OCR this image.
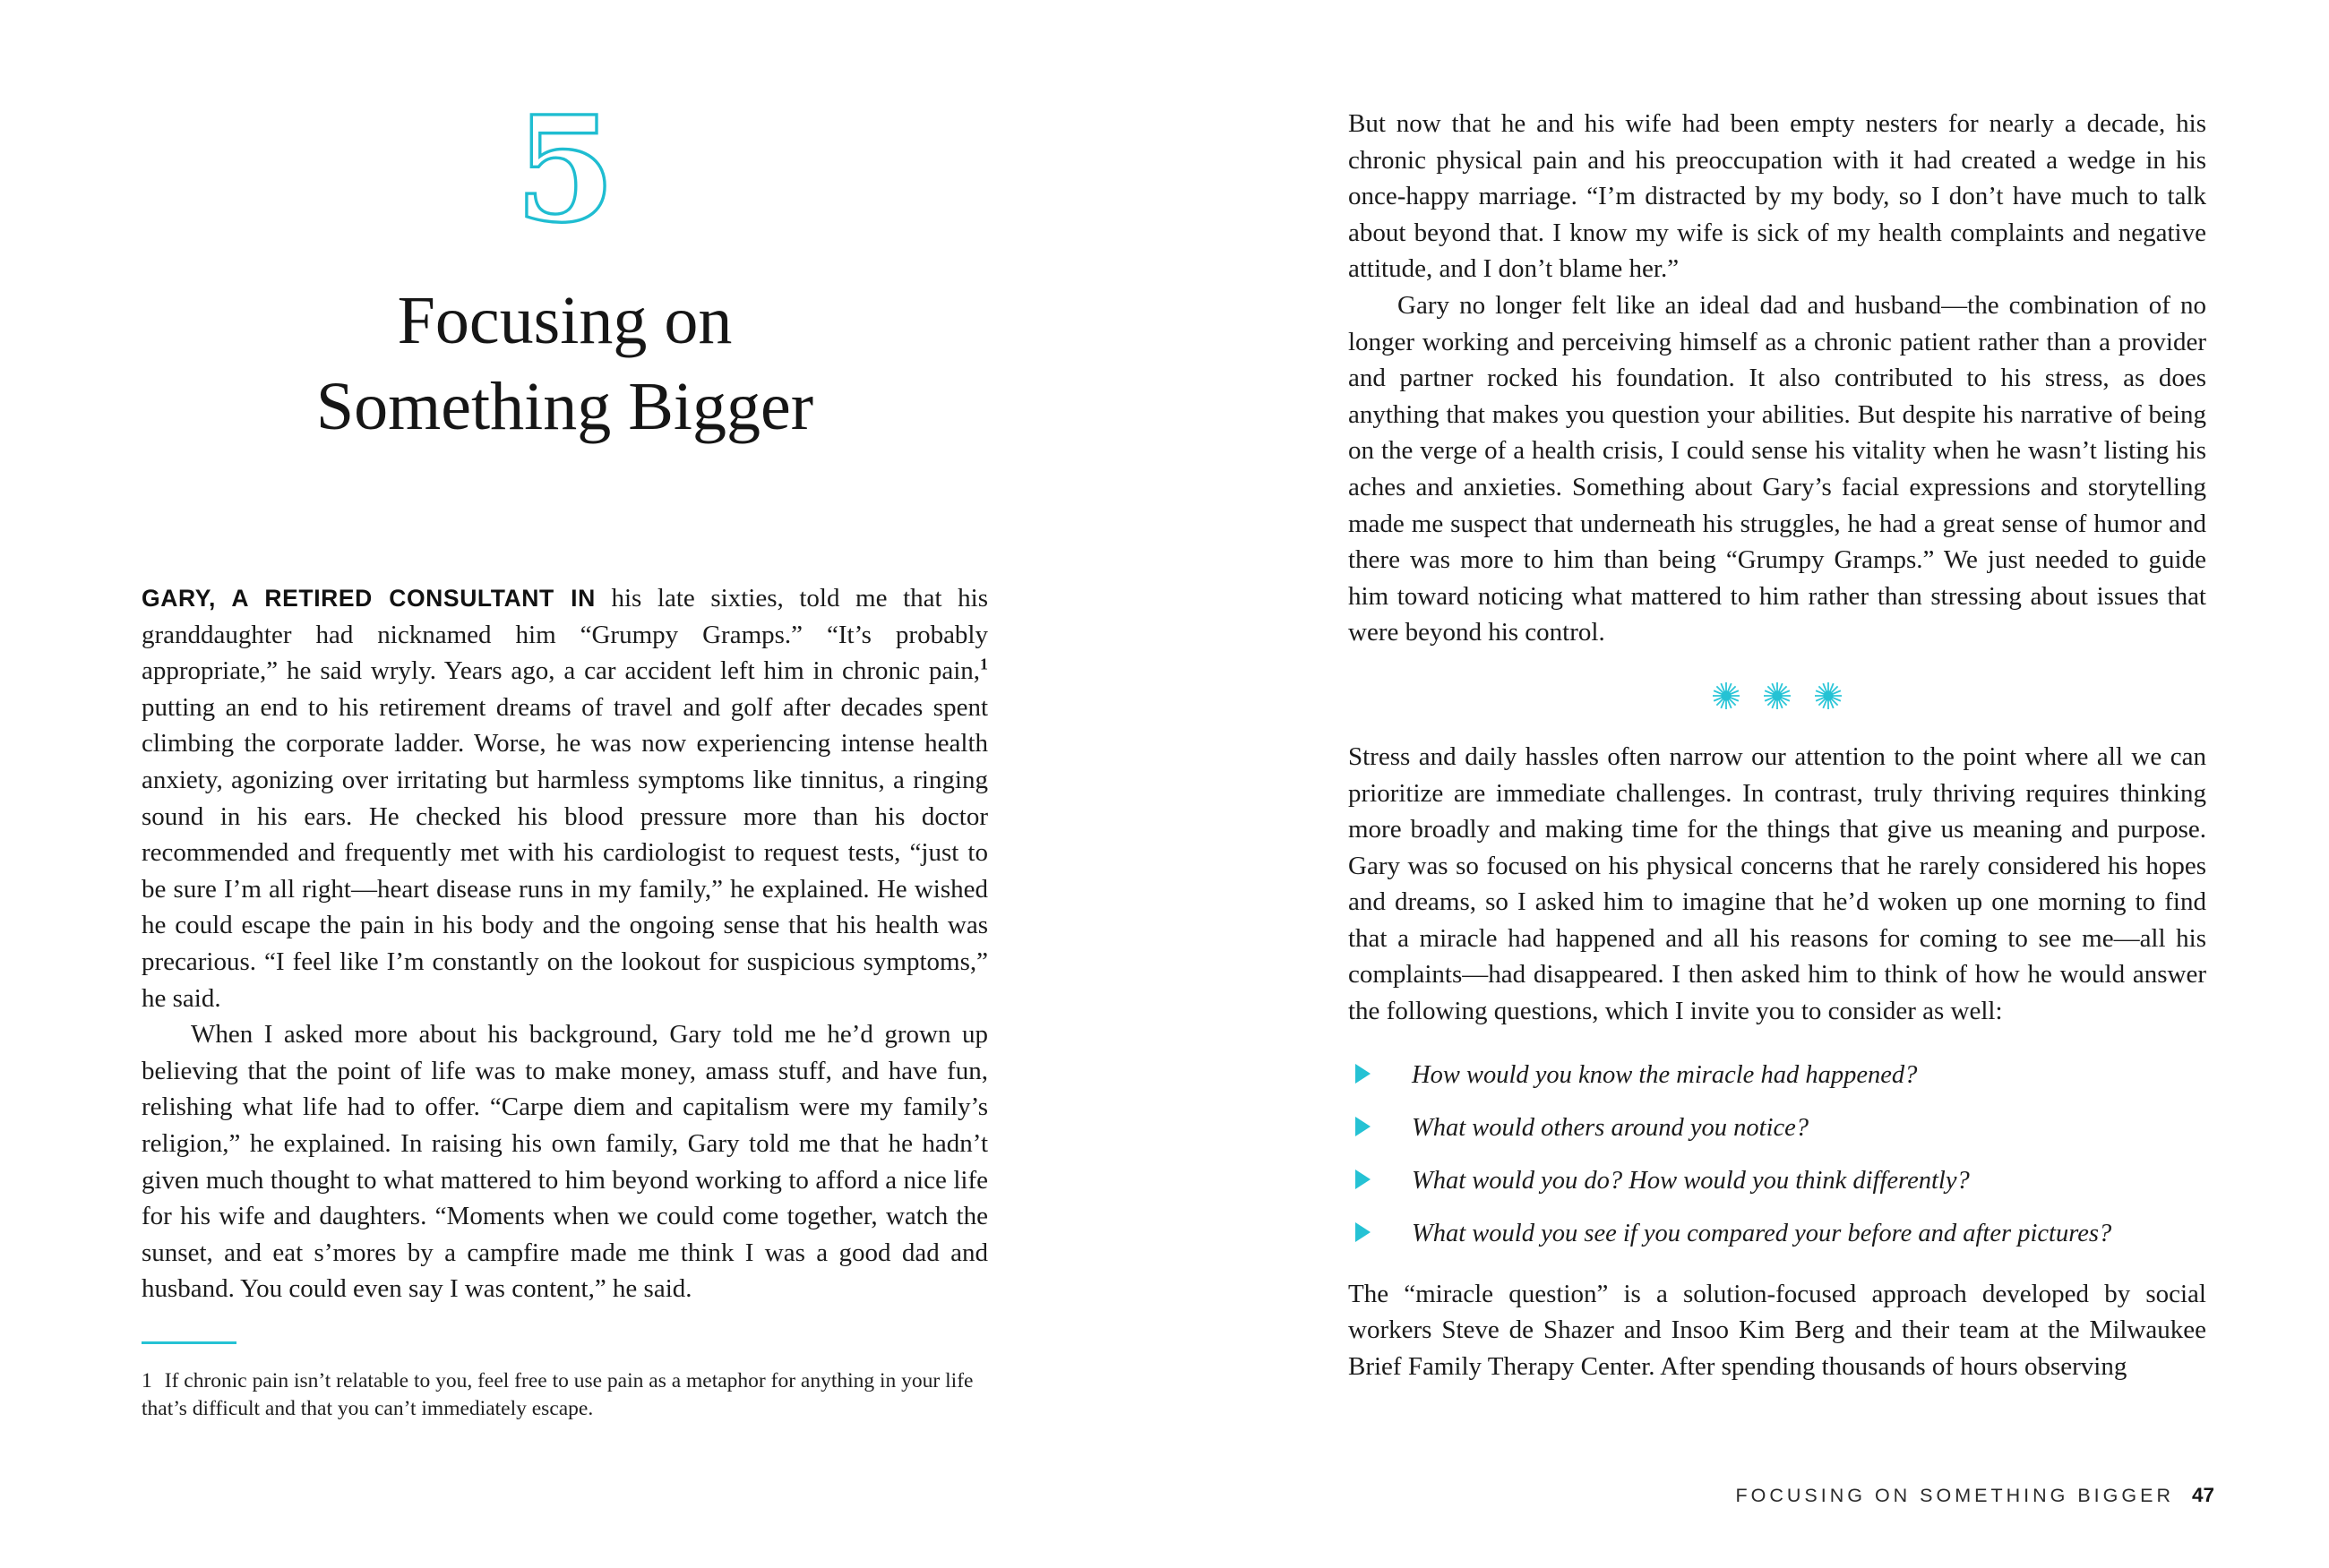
5
Focusing on
Something Bigger

GARY, A RETIRED CONSULTANT IN his late sixties, told me that his granddaughter had nicknamed him “Grumpy Gramps.” “It’s probably appropriate,” he said wryly. Years ago, a car accident left him in chronic pain,$^1$ putting an end to his retirement dreams of travel and golf after decades spent climbing the corporate ladder. Worse, he was now experiencing intense health anxiety, agonizing over irritating but harmless symptoms like tinnitus, a ringing sound in his ears. He checked his blood pressure more than his doctor recommended and frequently met with his cardiologist to request tests, “just to be sure I’m all right—heart disease runs in my family,” he explained. He wished he could escape the pain in his body and the ongoing sense that his health was precarious. “I feel like I’m constantly on the lookout for suspicious symptoms,” he said.

When I asked more about his background, Gary told me he’d grown up believing that the point of life was to make money, amass stuff, and have fun, relishing what life had to offer. “Carpe diem and capitalism were my family’s religion,” he explained. In raising his own family, Gary told me that he hadn’t given much thought to what mattered to him beyond working to afford a nice life for his wife and daughters. “Moments when we could come together, watch the sunset, and eat s’mores by a campfire made me think I was a good dad and husband. You could even say I was content,” he said.

1 If chronic pain isn’t relatable to you, feel free to use pain as a metaphor for anything in your life that’s difficult and that you can’t immediately escape.

But now that he and his wife had been empty nesters for nearly a decade, his chronic physical pain and his preoccupation with it had created a wedge in his once-happy marriage. “I’m distracted by my body, so I don’t have much to talk about beyond that. I know my wife is sick of my health complaints and negative attitude, and I don’t blame her.”

Gary no longer felt like an ideal dad and husband—the combination of no longer working and perceiving himself as a chronic patient rather than a provider and partner rocked his foundation. It also contributed to his stress, as does anything that makes you question your abilities. But despite his narrative of being on the verge of a health crisis, I could sense his vitality when he wasn’t listing his aches and anxieties. Something about Gary’s facial expressions and storytelling made me suspect that underneath his struggles, he had a great sense of humor and there was more to him than being “Grumpy Gramps.” We just needed to guide him toward noticing what mattered to him rather than stressing about issues that were beyond his control.

Stress and daily hassles often narrow our attention to the point where all we can prioritize are immediate challenges. In contrast, truly thriving requires thinking more broadly and making time for the things that give us meaning and purpose. Gary was so focused on his physical concerns that he rarely considered his hopes and dreams, so I asked him to imagine that he’d woken up one morning to find that a miracle had happened and all his reasons for coming to see me—all his complaints—had disappeared. I then asked him to think of how he would answer the following questions, which I invite you to consider as well:

How would you know the miracle had happened?
What would others around you notice?
What would you do? How would you think differently?
What would you see if you compared your before and after pictures?

The “miracle question” is a solution-focused approach developed by social workers Steve de Shazer and Insoo Kim Berg and their team at the Milwaukee Brief Family Therapy Center. After spending thousands of hours observing

FOCUSING ON SOMETHING BIGGER 47
